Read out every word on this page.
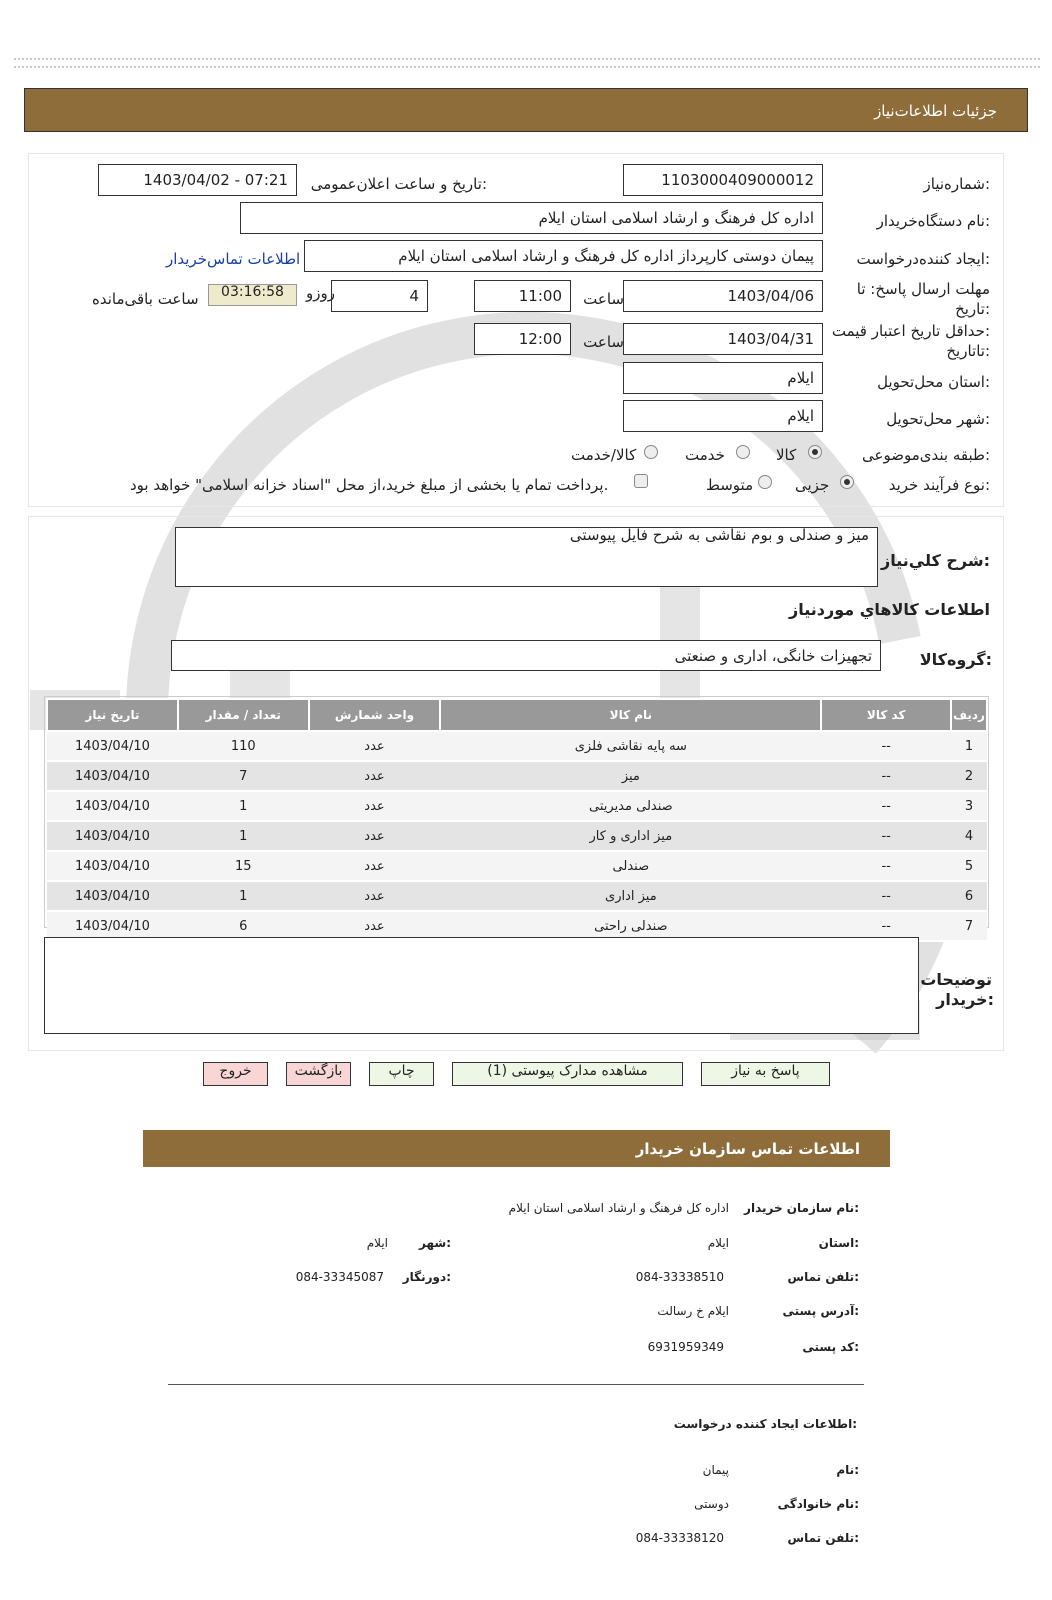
جزئیات اطلاعات‌نیاز
شماره‌نیاز:
1103000409000012
تاریخ و ساعت اعلان‌عمومی:
1403/04/02 - 07:21
نام دستگاه‌خریدار:
اداره کل فرهنگ و ارشاد اسلامی استان ایلام
ایجاد کننده‌درخواست:
پیمان دوستی کارپرداز اداره کل فرهنگ و ارشاد اسلامی استان ایلام
اطلاعات تماس‌خریدار
مهلت ارسال پاسخ: تا
تاریخ:
1403/04/06
ساعت
11:00
4
روزو
03:16:58
ساعت باقی‌مانده
حداقل تاریخ اعتبار قیمت:
تاتاریخ:
1403/04/31
ساعت
12:00
استان محل‌تحویل:
ایلام
شهر محل‌تحویل:
ایلام
طبقه بندی‌موضوعی:
کالا
خدمت
کالا/خدمت
نوع فرآیند خرید:
جزیی
متوسط
پرداخت تمام یا بخشی از مبلغ خرید،از محل "اسناد خزانه اسلامی" خواهد بود.
شرح کلي‌نیاز:
میز و صندلی و بوم نقاشی به شرح فایل پیوستی
اطلاعات کالاهاي موردنیاز
گروه‌کالا:
تجهیزات خانگی، اداری و صنعتی
ردیف	کد کالا	نام کالا	واحد شمارش	تعداد / مقدار	تاریخ نیاز
1	--	سه پایه نقاشی فلزی	عدد	110	1403/04/10
2	--	میز	عدد	7	1403/04/10
3	--	صندلی مدیریتی	عدد	1	1403/04/10
4	--	میز اداری و کار	عدد	1	1403/04/10
5	--	صندلی	عدد	15	1403/04/10
6	--	میز اداری	عدد	1	1403/04/10
7	--	صندلی راحتی	عدد	6	1403/04/10
توضیحات
خریدار:
پاسخ به نیاز
مشاهده مدارک پیوستی (1)
چاپ
بازگشت
خروج
اطلاعات تماس سازمان خریدار
نام سازمان خریدار:
اداره کل فرهنگ و ارشاد اسلامی استان ایلام
استان:
ایلام
شهر:
ایلام
تلفن تماس:
084-33338510
دورنگار:
084-33345087
آدرس پستی:
ایلام خ رسالت
کد پستی:
6931959349
اطلاعات ایجاد کننده درخواست:
نام:
پیمان
نام خانوادگی:
دوستی
تلفن تماس:
084-33338120
